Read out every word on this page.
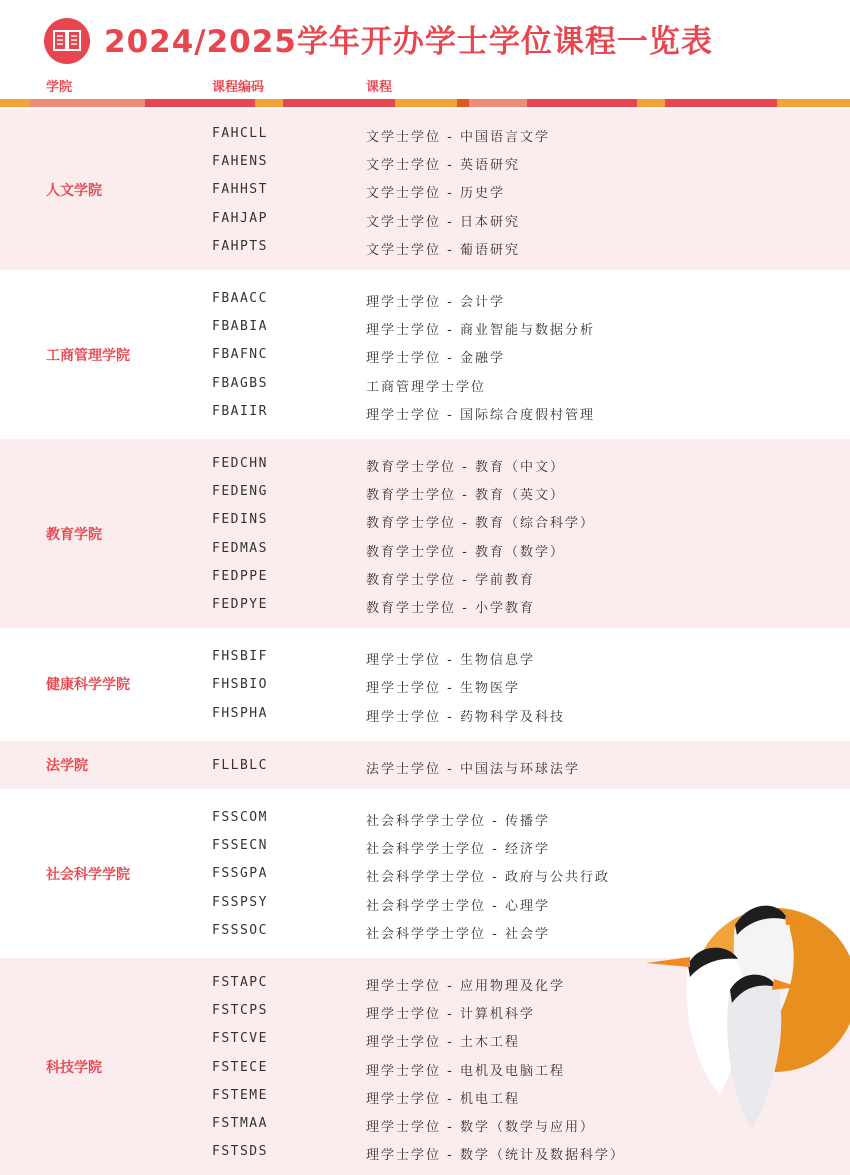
2024/2025学年开办学士学位课程一览表
学院	课程编码	课程
人文学院
FAHCLL	文学士学位 - 中国语言文学
FAHENS	文学士学位 - 英语研究
FAHHST	文学士学位 - 历史学
FAHJAP	文学士学位 - 日本研究
FAHPTS	文学士学位 - 葡语研究
工商管理学院
FBAACC	理学士学位 - 会计学
FBABIA	理学士学位 - 商业智能与数据分析
FBAFNC	理学士学位 - 金融学
FBAGBS	工商管理学士学位
FBAIIR	理学士学位 - 国际综合度假村管理
教育学院
FEDCHN	教育学士学位 - 教育（中文）
FEDENG	教育学士学位 - 教育（英文）
FEDINS	教育学士学位 - 教育（综合科学）
FEDMAS	教育学士学位 - 教育（数学）
FEDPPE	教育学士学位 - 学前教育
FEDPYE	教育学士学位 - 小学教育
健康科学学院
FHSBIF	理学士学位 - 生物信息学
FHSBIO	理学士学位 - 生物医学
FHSPHA	理学士学位 - 药物科学及科技
法学院	FLLBLC	法学士学位 - 中国法与环球法学
社会科学学院
FSSCOM	社会科学学士学位 - 传播学
FSSECN	社会科学学士学位 - 经济学
FSSGPA	社会科学学士学位 - 政府与公共行政
FSSPSY	社会科学学士学位 - 心理学
FSSSOC	社会科学学士学位 - 社会学
科技学院
FSTAPC	理学士学位 - 应用物理及化学
FSTCPS	理学士学位 - 计算机科学
FSTCVE	理学士学位 - 土木工程
FSTECE	理学士学位 - 电机及电脑工程
FSTEME	理学士学位 - 机电工程
FSTMAA	理学士学位 - 数学（数学与应用）
FSTSDS	理学士学位 - 数学（统计及数据科学）
